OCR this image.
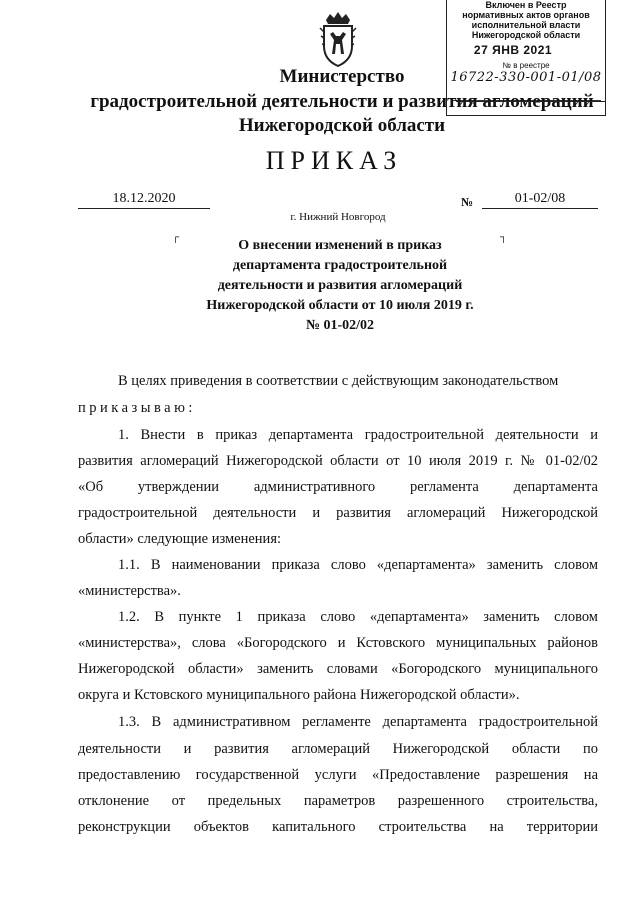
Включен в Реестр
нормативных актов органов
исполнительной власти
Нижегородской области
27 ЯНВ 2021
№ в реестре
16722-330-001-01/08
Министерство
градостроительной деятельности и развития агломераций
Нижегородской области
ПРИКАЗ
18.12.2020	№	01-02/08
г. Нижний Новгород
┌	┐
О внесении изменений в приказ
департамента градостроительной
деятельности и развития агломераций
Нижегородской области от 10 июля 2019 г.
№ 01-02/02
В целях приведения в соответствии с действующим законодательством
приказываю:
1. Внести в приказ департамента градостроительной деятельности и
развития агломераций Нижегородской области от 10 июля 2019 г. № 01-02/02
«Об утверждении административного регламента департамента
градостроительной деятельности и развития агломераций Нижегородской
области» следующие изменения:
1.1. В наименовании приказа слово «департамента» заменить словом
«министерства».
1.2. В пункте 1 приказа слово «департамента» заменить словом
«министерства», слова «Богородского и Кстовского муниципальных районов
Нижегородской области» заменить словами «Богородского муниципального
округа и Кстовского муниципального района Нижегородской области».
1.3. В административном регламенте департамента градостроительной
деятельности и развития агломераций Нижегородской области по
предоставлению государственной услуги «Предоставление разрешения на
отклонение от предельных параметров разрешенного строительства,
реконструкции объектов капитального строительства на территории
